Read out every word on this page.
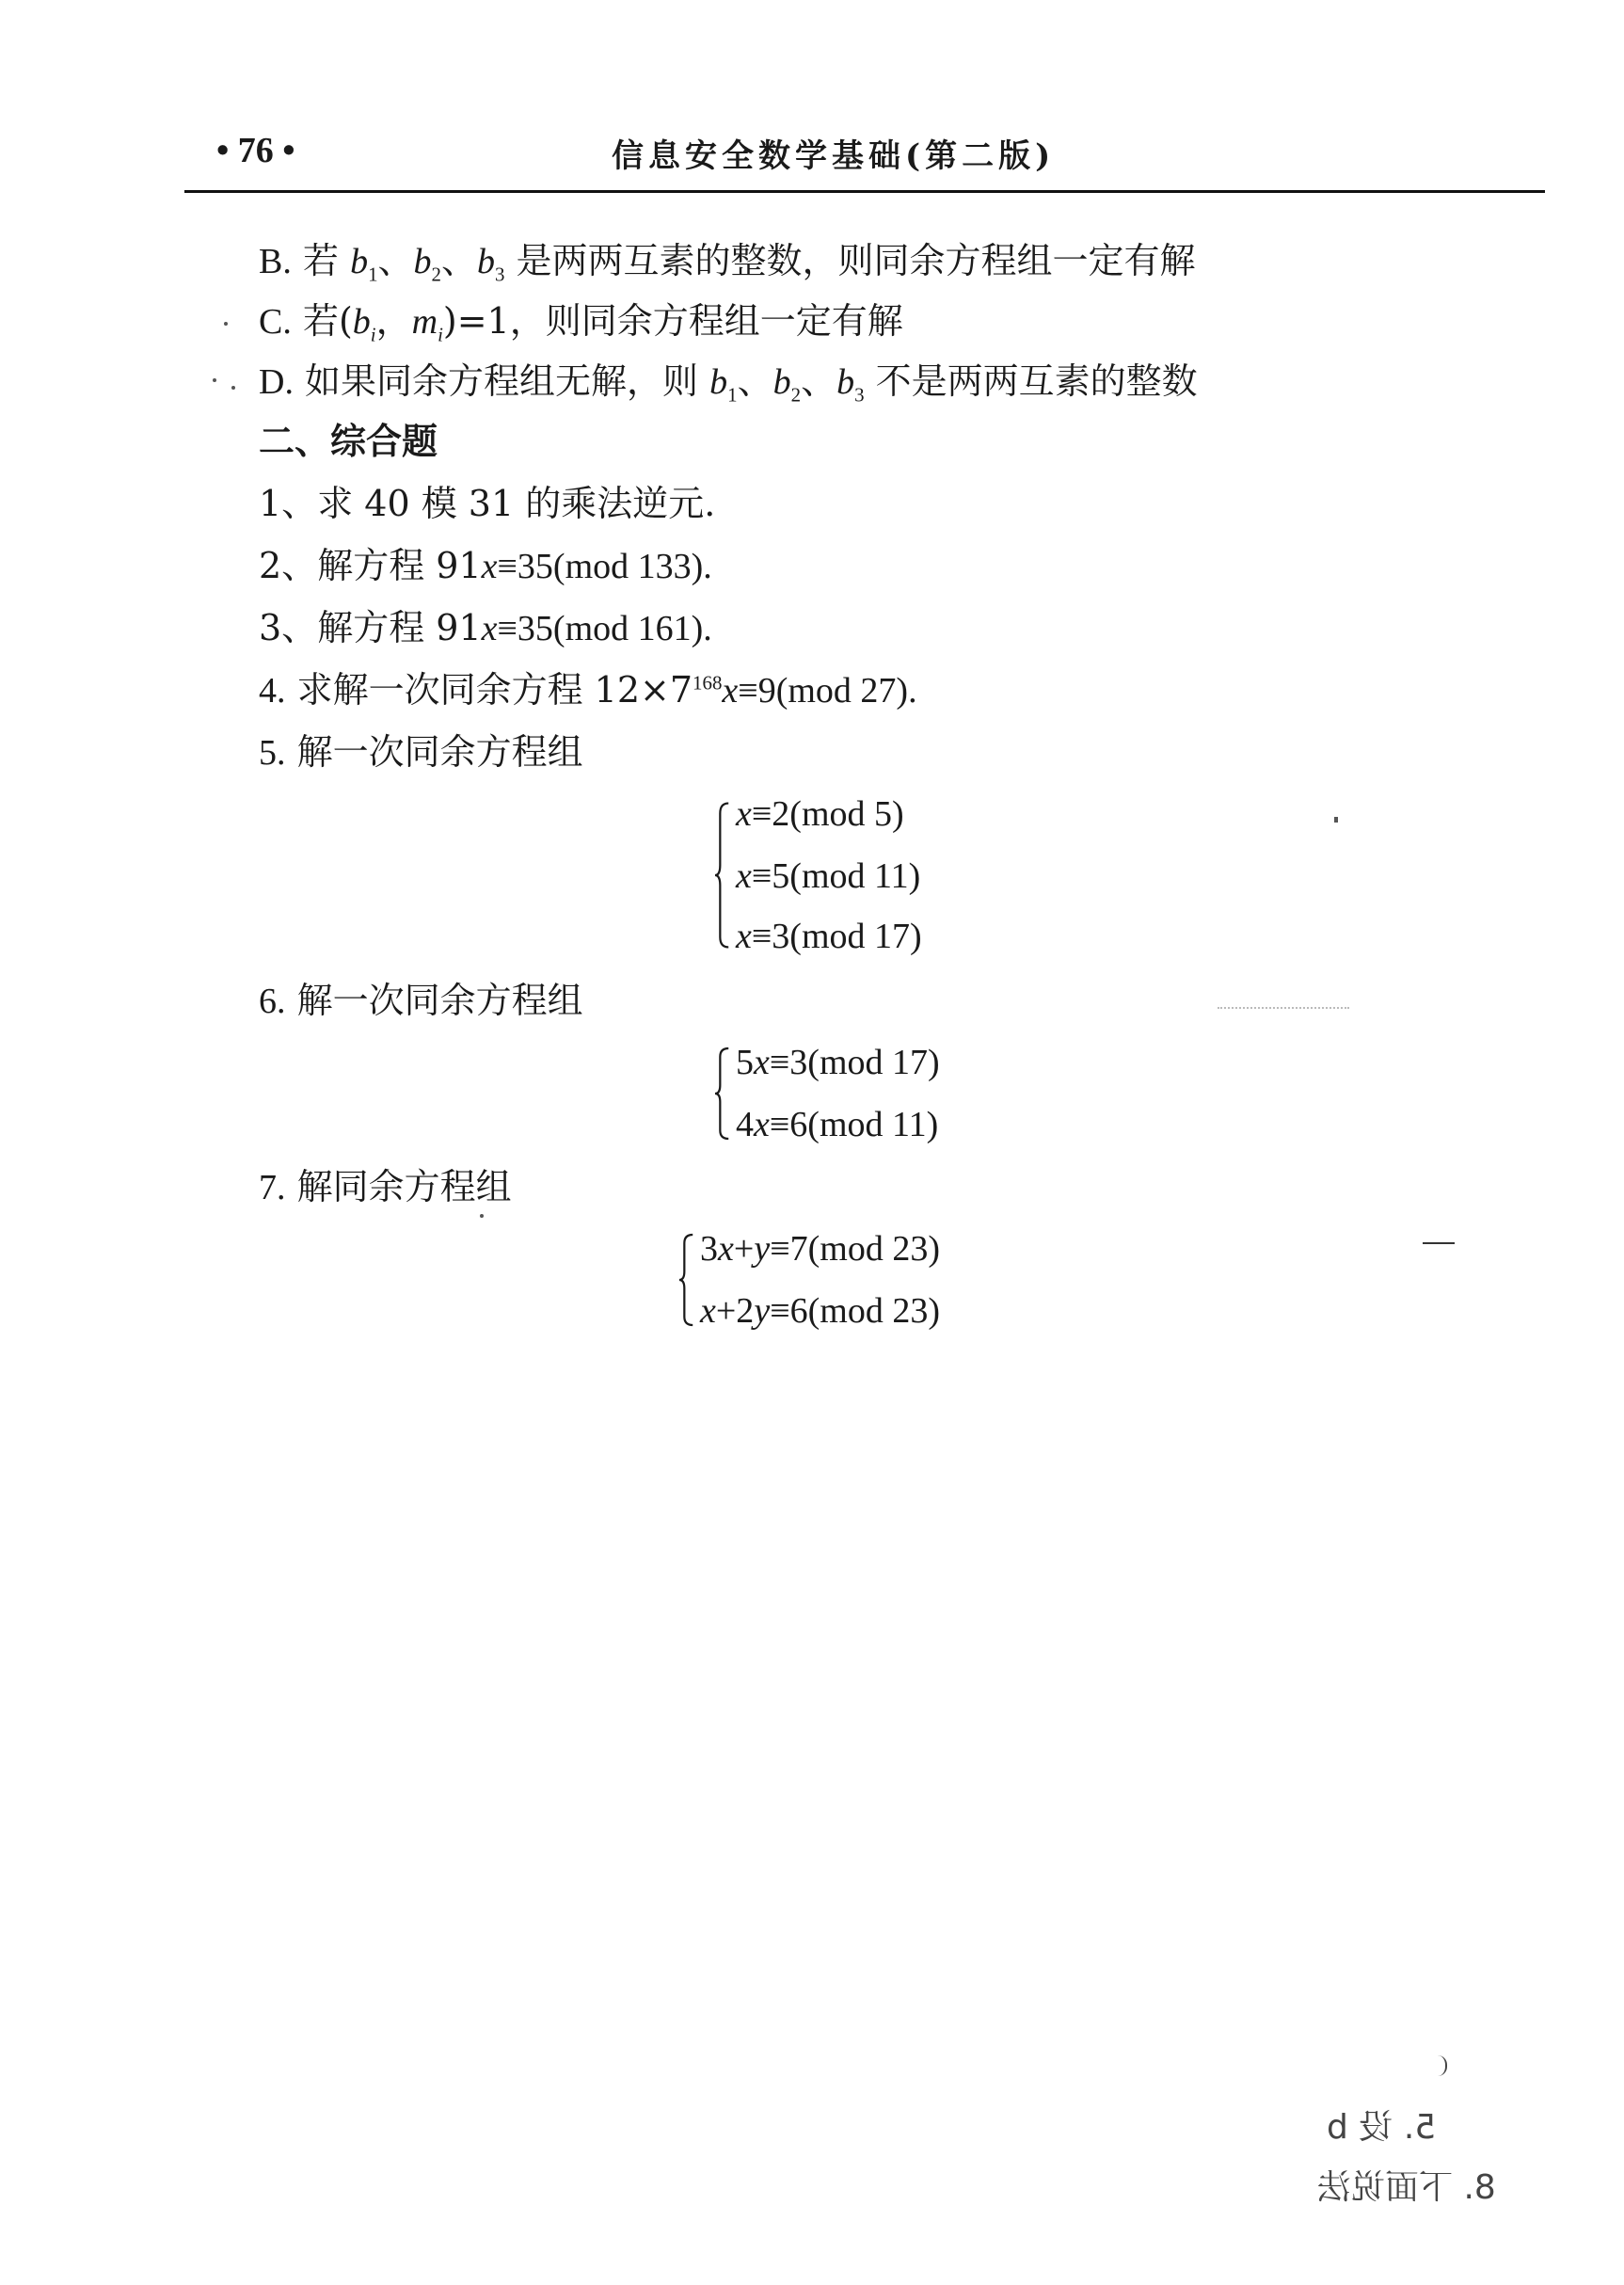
• 76 •	信息安全数学基础(第二版)
B. 若 $b_1$、$b_2$、$b_3$ 是两两互素的整数，则同余方程组一定有解
C. 若($b_i$，$m_i)=1$，则同余方程组一定有解
D. 如果同余方程组无解，则 $b_1$、$b_2$、$b_3$ 不是两两互素的整数
二、综合题
1、求 40 模 31 的乘法逆元.
2、解方程 91x≡35(mod 133).
3、解方程 91x≡35(mod 161).
4. 求解一次同余方程 $12\times 7^{168}x\equiv 9(mod$ 27).
5. 解一次同余方程组
x≡2(mod 5)
x≡5(mod 11)
x≡3(mod 17)
6. 解一次同余方程组
5x≡3(mod 17)
4x≡6(mod 11)
7. 解同余方程组
3x+y≡7(mod 23)
x+2y≡6(mod 23)
5. 设 b
8. 下面说法
